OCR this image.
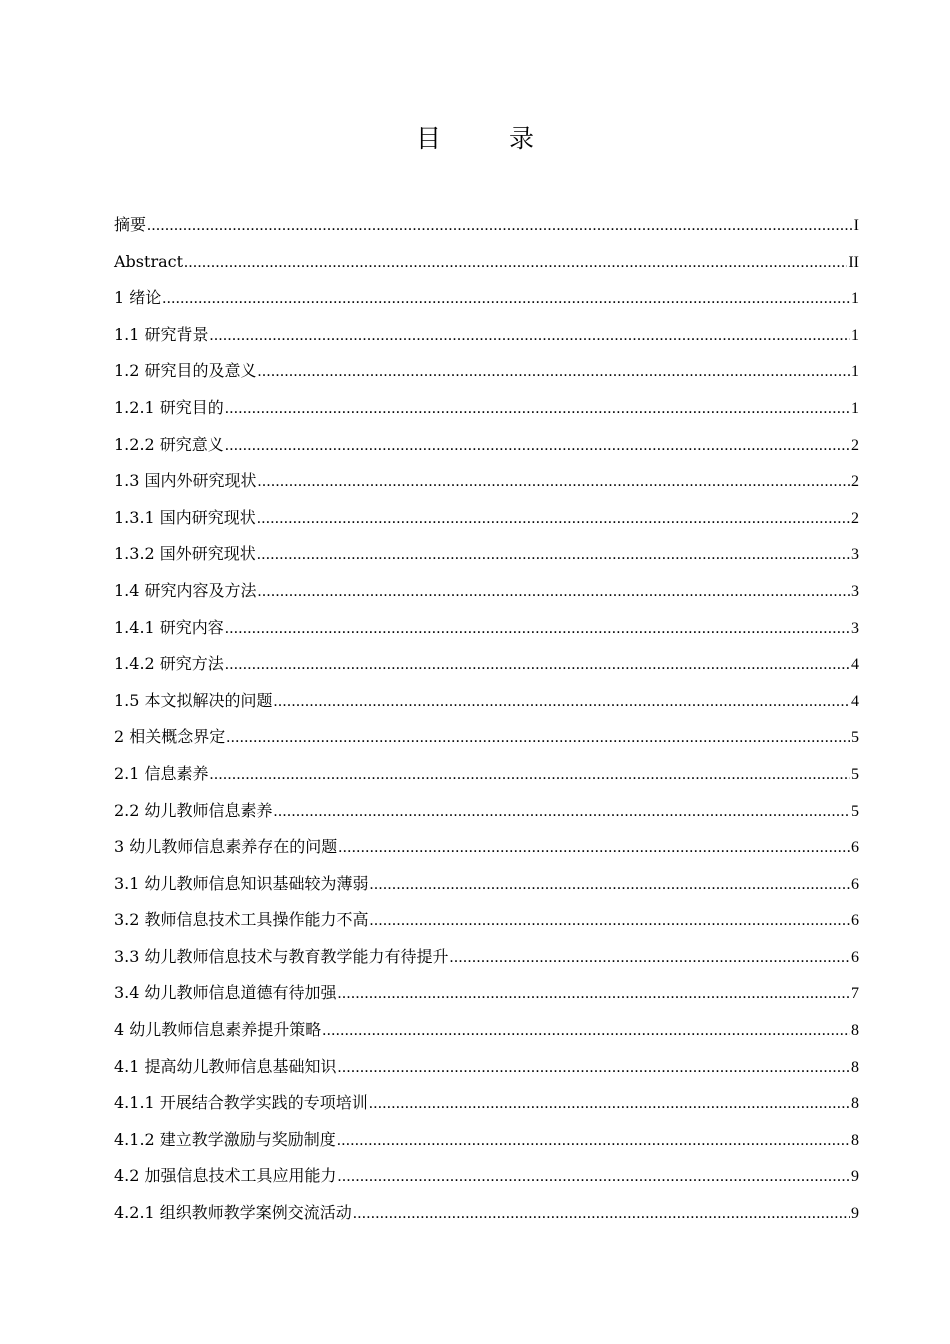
目 录
摘要 .....	I
Abstract .....	II
1 绪论 .....	1
1.1 研究背景 .....	1
1.2 研究目的及意义 .....	1
1.2.1 研究目的 .....	1
1.2.2 研究意义 .....	2
1.3 国内外研究现状 .....	2
1.3.1 国内研究现状 .....	2
1.3.2 国外研究现状 .....	3
1.4 研究内容及方法 .....	3
1.4.1 研究内容 .....	3
1.4.2 研究方法 .....	4
1.5 本文拟解决的问题 .....	4
2 相关概念界定 .....	5
2.1 信息素养 .....	5
2.2 幼儿教师信息素养 .....	5
3 幼儿教师信息素养存在的问题 .....	6
3.1 幼儿教师信息知识基础较为薄弱 .....	6
3.2 教师信息技术工具操作能力不高 .....	6
3.3 幼儿教师信息技术与教育教学能力有待提升 .....	6
3.4 幼儿教师信息道德有待加强 .....	7
4 幼儿教师信息素养提升策略 .....	8
4.1 提高幼儿教师信息基础知识 .....	8
4.1.1 开展结合教学实践的专项培训 .....	8
4.1.2 建立教学激励与奖励制度 .....	8
4.2 加强信息技术工具应用能力 .....	9
4.2.1 组织教师教学案例交流活动 .....	9
